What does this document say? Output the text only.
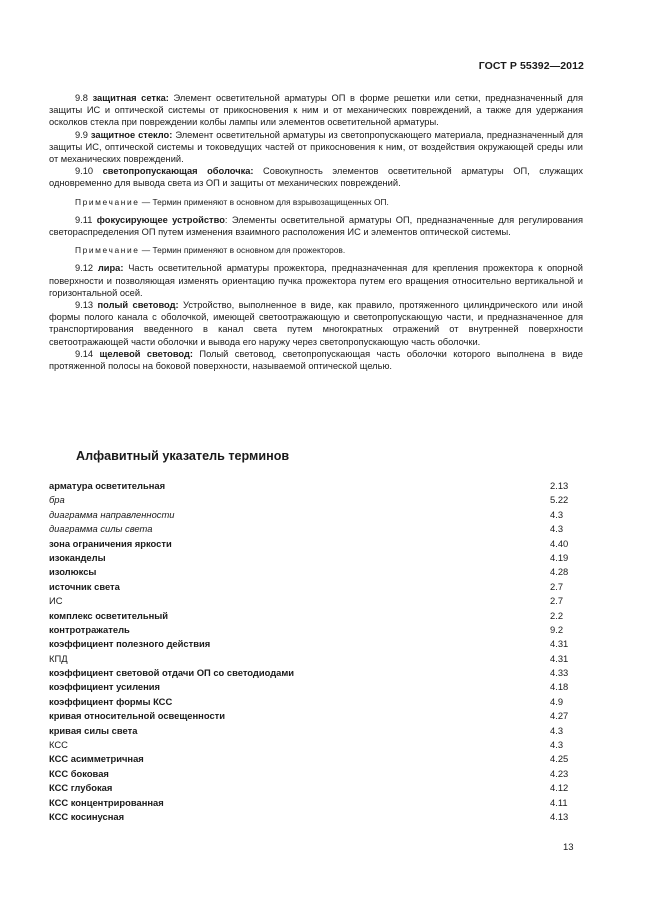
ГОСТ Р 55392—2012

9.8 защитная сетка: Элемент осветительной арматуры ОП в форме решетки или сетки, предназначенный для защиты ИС и оптической системы от прикосновения к ним и от механических повреждений, а также для удержания осколков стекла при повреждении колбы лампы или элементов осветительной арматуры.

9.9 защитное стекло: Элемент осветительной арматуры из светопропускающего материала, предназначенный для защиты ИС, оптической системы и токоведущих частей от прикосновения к ним, от воздействия окружающей среды или от механических повреждений.

9.10 светопропускающая оболочка: Совокупность элементов осветительной арматуры ОП, служащих одновременно для вывода света из ОП и защиты от механических повреждений.

Примечание — Термин применяют в основном для взрывозащищенных ОП.

9.11 фокусирующее устройство: Элементы осветительной арматуры ОП, предназначенные для регулирования светораспределения ОП путем изменения взаимного расположения ИС и элементов оптической системы.

Примечание — Термин применяют в основном для прожекторов.

9.12 лира: Часть осветительной арматуры прожектора, предназначенная для крепления прожектора к опорной поверхности и позволяющая изменять ориентацию пучка прожектора путем его вращения относительно вертикальной и горизонтальной осей.

9.13 полый световод: Устройство, выполненное в виде, как правило, протяженного цилиндрического или иной формы полого канала с оболочкой, имеющей светоотражающую и светопропускающую части, и предназначенное для транспортирования введенного в канал света путем многократных отражений от внутренней поверхности светоотражающей части оболочки и вывода его наружу через светопропускающую часть оболочки.

9.14 щелевой световод: Полый световод, светопропускающая часть оболочки которого выполнена в виде протяженной полосы на боковой поверхности, называемой оптической щелью.

Алфавитный указатель терминов
арматура осветительная	2.13
бра	5.22
диаграмма направленности	4.3
диаграмма силы света	4.3
зона ограничения яркости	4.40
изоканделы	4.19
изолюксы	4.28
источник света	2.7
ИС	2.7
комплекс осветительный	2.2
контротражатель	9.2
коэффициент полезного действия	4.31
КПД	4.31
коэффициент световой отдачи ОП со светодиодами	4.33
коэффициент усиления	4.18
коэффициент формы КСС	4.9
кривая относительной освещенности	4.27
кривая силы света	4.3
КСС	4.3
КСС асимметричная	4.25
КСС боковая	4.23
КСС глубокая	4.12
КСС концентрированная	4.11
КСС косинусная	4.13
13
